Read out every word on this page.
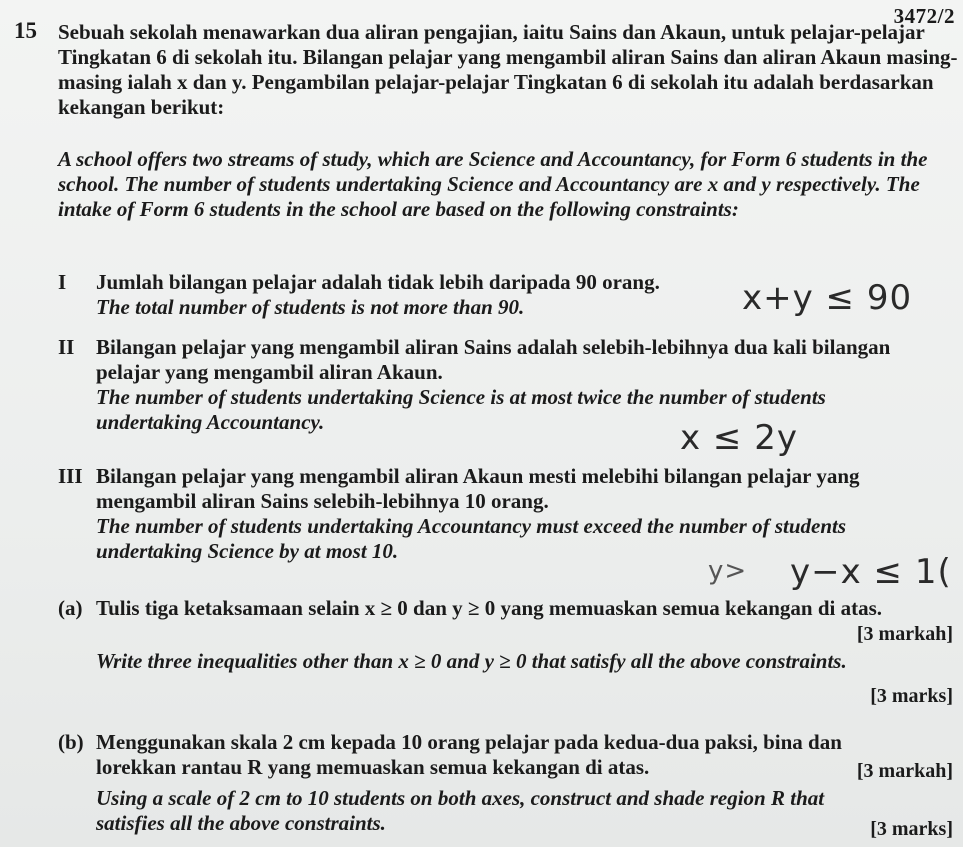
3472/2
15 Sebuah sekolah menawarkan dua aliran pengajian, iaitu Sains dan Akaun, untuk pelajar-pelajar Tingkatan 6 di sekolah itu. Bilangan pelajar yang mengambil aliran Sains dan aliran Akaun masing-masing ialah x dan y. Pengambilan pelajar-pelajar Tingkatan 6 di sekolah itu adalah berdasarkan kekangan berikut:
A school offers two streams of study, which are Science and Accountancy, for Form 6 students in the school. The number of students undertaking Science and Accountancy are x and y respectively. The intake of Form 6 students in the school are based on the following constraints:
I Jumlah bilangan pelajar adalah tidak lebih daripada 90 orang.
The total number of students is not more than 90.	x+y ≤ 90
II Bilangan pelajar yang mengambil aliran Sains adalah selebih-lebihnya dua kali bilangan pelajar yang mengambil aliran Akaun.
The number of students undertaking Science is at most twice the number of students undertaking Accountancy.	x ≤ 2y
III Bilangan pelajar yang mengambil aliran Akaun mesti melebihi bilangan pelajar yang mengambil aliran Sains selebih-lebihnya 10 orang.
The number of students undertaking Accountancy must exceed the number of students undertaking Science by at most 10.
y> y−x ≤ 1(
(a) Tulis tiga ketaksamaan selain x ≥ 0 dan y ≥ 0 yang memuaskan semua kekangan di atas.
[3 markah]
Write three inequalities other than x ≥ 0 and y ≥ 0 that satisfy all the above constraints.
[3 marks]
(b) Menggunakan skala 2 cm kepada 10 orang pelajar pada kedua-dua paksi, bina dan lorekkan rantau R yang memuaskan semua kekangan di atas.	[3 markah]
Using a scale of 2 cm to 10 students on both axes, construct and shade region R that satisfies all the above constraints.	[3 marks]
